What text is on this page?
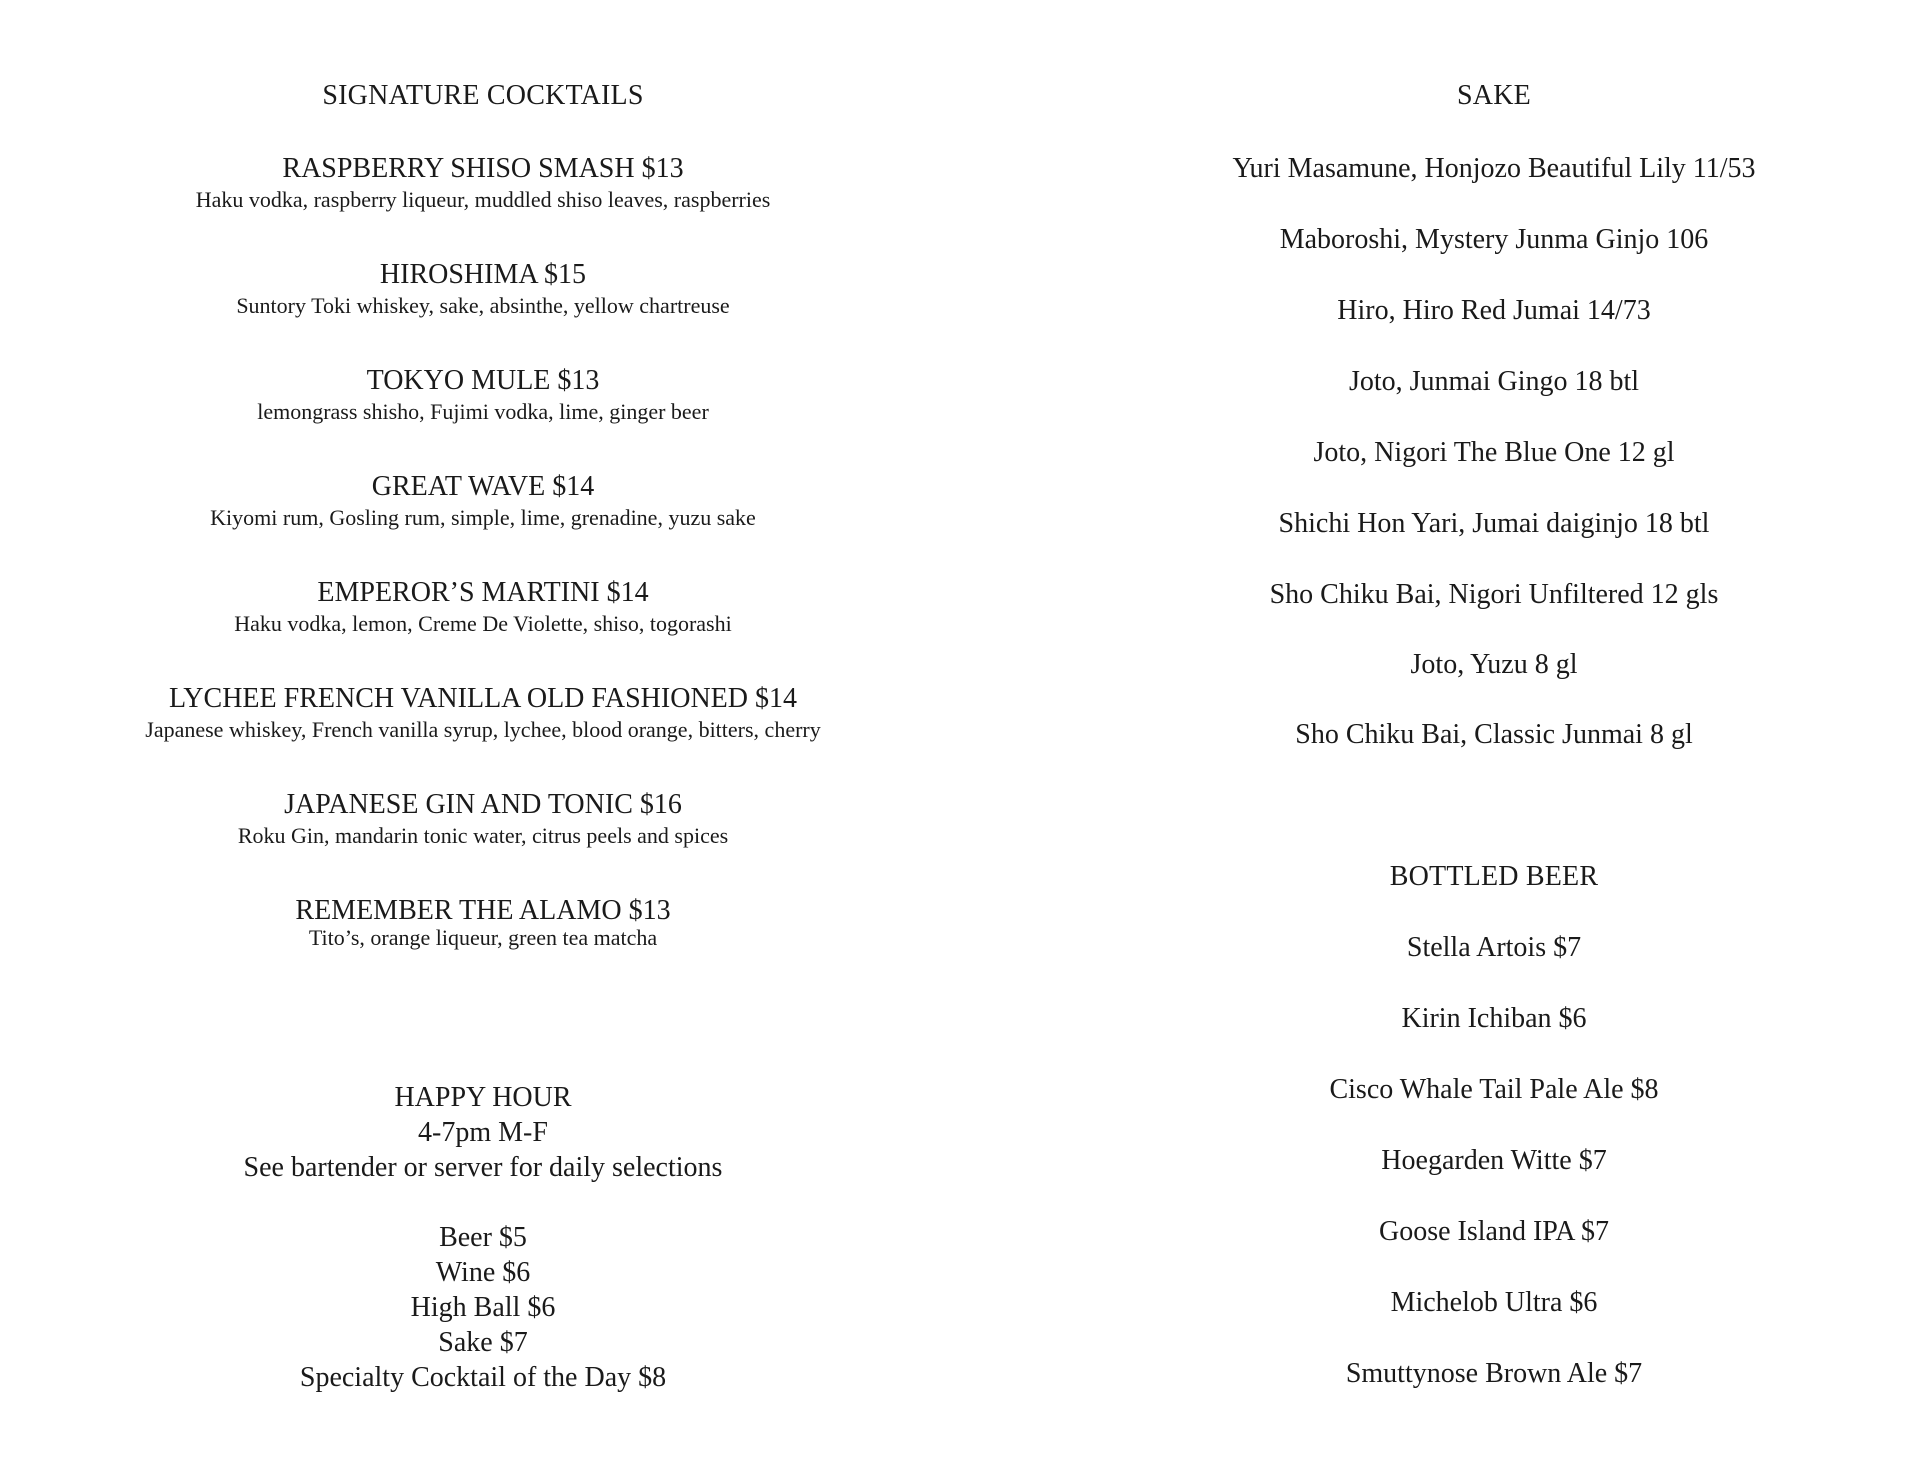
SIGNATURE COCKTAILS
RASPBERRY SHISO SMASH $13
Haku vodka, raspberry liqueur, muddled shiso leaves, raspberries
HIROSHIMA $15
Suntory Toki whiskey, sake, absinthe, yellow chartreuse
TOKYO MULE $13
lemongrass shisho, Fujimi vodka, lime, ginger beer
GREAT WAVE $14
Kiyomi rum, Gosling rum, simple, lime, grenadine, yuzu sake
EMPEROR’S MARTINI $14
Haku vodka, lemon, Creme De Violette, shiso, togorashi
LYCHEE FRENCH VANILLA OLD FASHIONED $14
Japanese whiskey, French vanilla syrup, lychee, blood orange, bitters, cherry
JAPANESE GIN AND TONIC $16
Roku Gin, mandarin tonic water, citrus peels and spices
REMEMBER THE ALAMO $13
Tito’s, orange liqueur, green tea matcha
HAPPY HOUR
4-7pm M-F
See bartender or server for daily selections
Beer $5
Wine $6
High Ball $6
Sake $7
Specialty Cocktail of the Day $8
SAKE
Yuri Masamune, Honjozo Beautiful Lily 11/53
Maboroshi, Mystery Junma Ginjo 106
Hiro, Hiro Red Jumai 14/73
Joto, Junmai Gingo 18 btl
Joto, Nigori The Blue One 12 gl
Shichi Hon Yari, Jumai daiginjo 18 btl
Sho Chiku Bai, Nigori Unfiltered 12 gls
Joto, Yuzu 8 gl
Sho Chiku Bai, Classic Junmai 8 gl
BOTTLED BEER
Stella Artois $7
Kirin Ichiban $6
Cisco Whale Tail Pale Ale $8
Hoegarden Witte $7
Goose Island IPA $7
Michelob Ultra $6
Smuttynose Brown Ale $7
